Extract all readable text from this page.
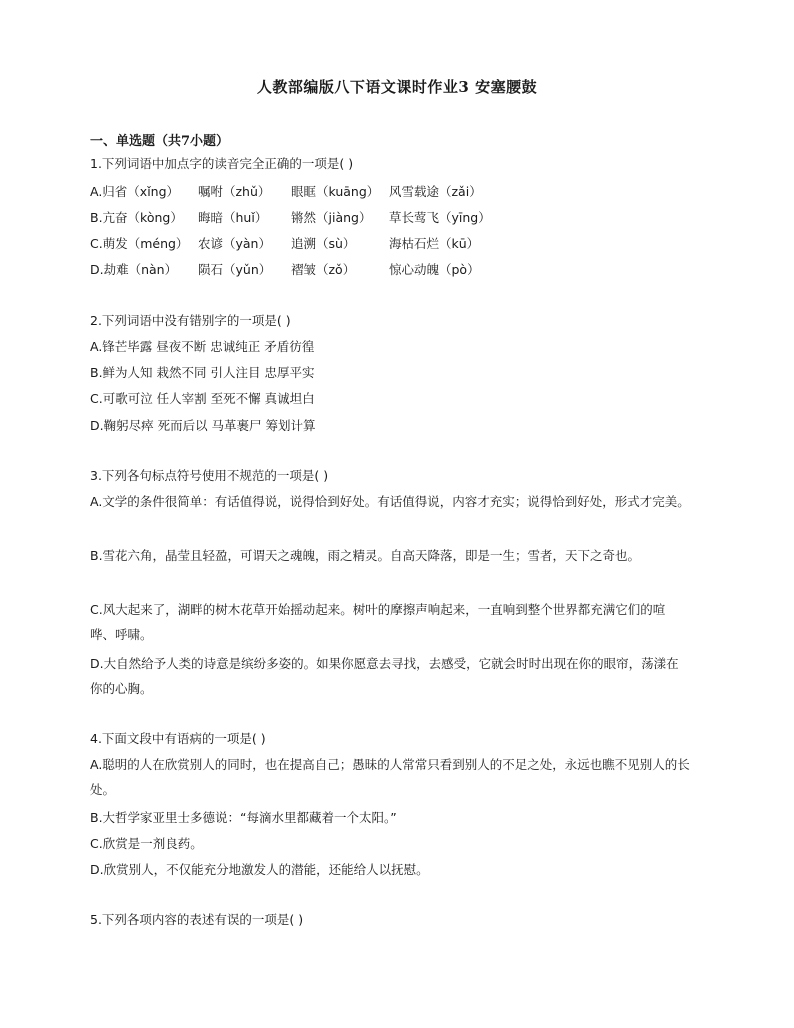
人教部编版八下语文课时作业3 安塞腰鼓
一、单选题（共7小题）
1.下列词语中加点字的读音完全正确的一项是( )
A.归省（xǐng） 嘱咐（zhǔ） 眼眶（kuāng） 风雪载途（zǎi）
B.亢奋（kòng） 晦暗（huǐ） 锵然（jiàng） 草长莺飞（yīng）
C.萌发（méng） 农谚（yàn） 追溯（sù）	海枯石烂（kū）
D.劫难（nàn） 陨石（yǔn） 褶皱（zǒ）	惊心动魄（pò）
2.下列词语中没有错别字的一项是( )
A.锋芒毕露 昼夜不断 忠诚纯正 矛盾彷徨
B.鲜为人知 栽然不同 引人注目 忠厚平实
C.可歌可泣 任人宰割 至死不懈 真诚坦白
D.鞠躬尽瘁 死而后以 马革裹尸 筹划计算
3.下列各句标点符号使用不规范的一项是( )
A.文学的条件很简单：有话值得说，说得恰到好处。有话值得说，内容才充实；说得恰到好处，形式才完美。
B.雪花六角，晶莹且轻盈，可谓天之魂魄，雨之精灵。自高天降落，即是一生；雪者，天下之奇也。
C.风大起来了，湖畔的树木花草开始摇动起来。树叶的摩擦声响起来，一直响到整个世界都充满它们的喧哗、呼啸。
D.大自然给予人类的诗意是缤纷多姿的。如果你愿意去寻找，去感受，它就会时时出现在你的眼帘，荡漾在你的心胸。
4.下面文段中有语病的一项是( )
A.聪明的人在欣赏别人的同时，也在提高自己；愚昧的人常常只看到别人的不足之处，永远也瞧不见别人的长处。
B.大哲学家亚里士多德说：“每滴水里都藏着一个太阳。”
C.欣赏是一剂良药。
D.欣赏别人，不仅能充分地激发人的潜能，还能给人以抚慰。
5.下列各项内容的表述有误的一项是( )
